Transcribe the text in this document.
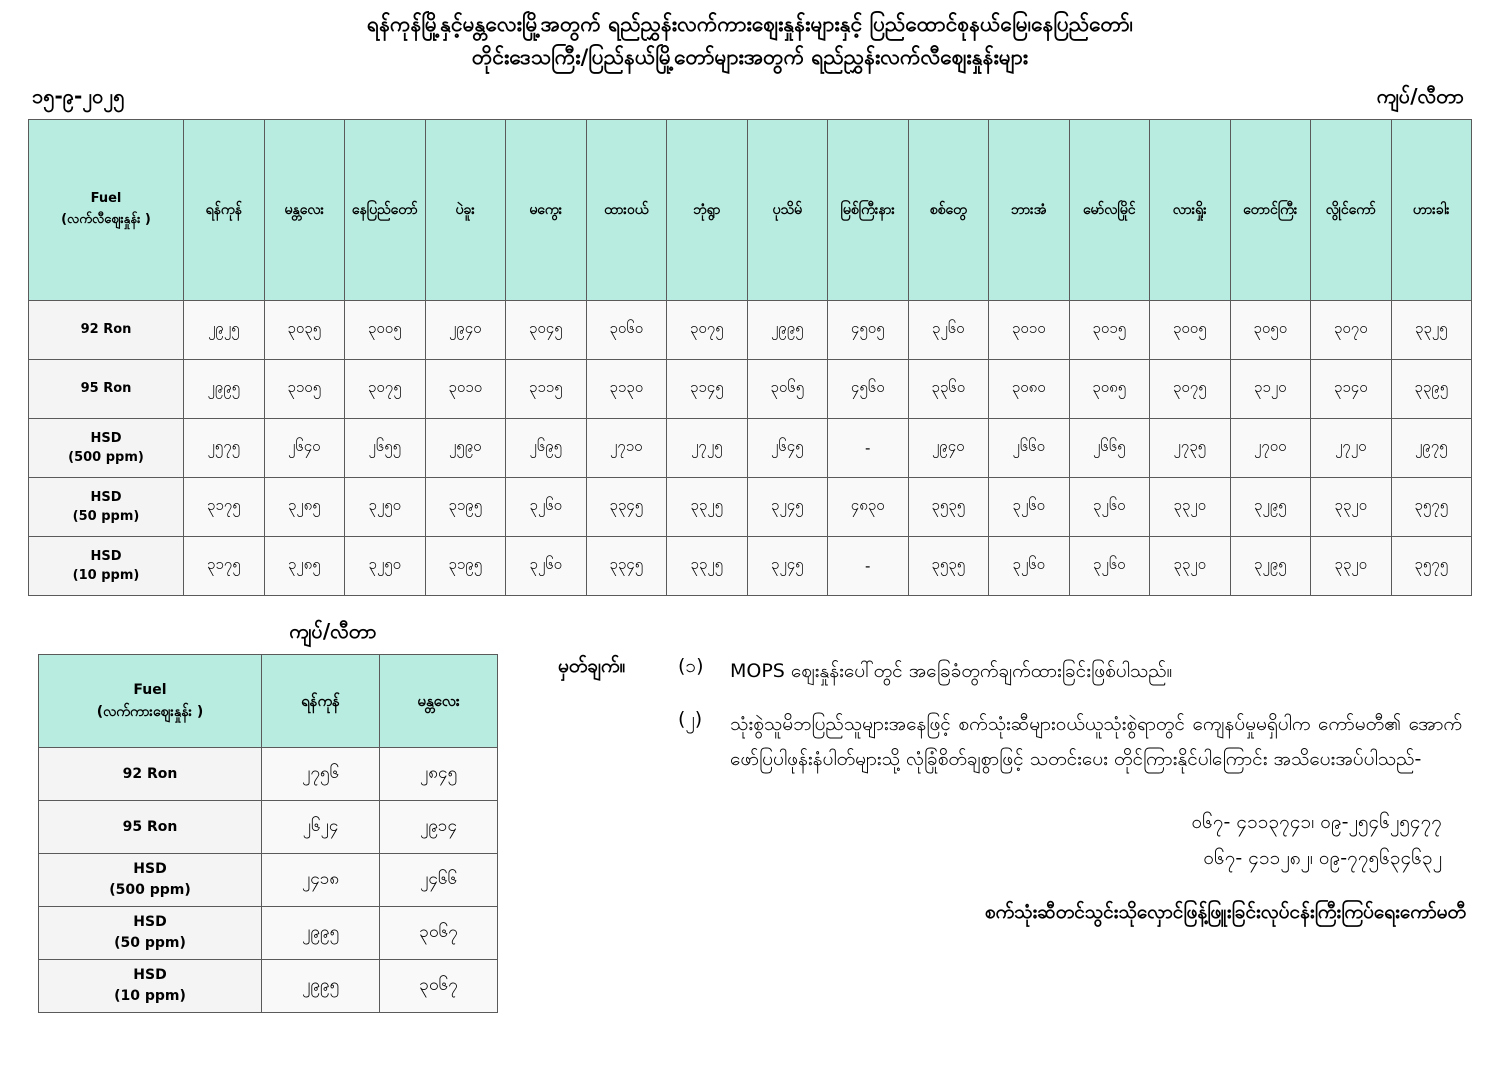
ရန်ကုန်မြို့နှင့်မန္တလေးမြို့အတွက် ရည်ညွှန်းလက်ကားဈေးနှုန်းများနှင့် ပြည်ထောင်စုနယ်မြေ၊နေပြည်တော်၊
တိုင်းဒေသကြီး/ပြည်နယ်မြို့တော်များအတွက် ရည်ညွှန်းလက်လီဈေးနှုန်းများ
၁၅-၉-၂၀၂၅	ကျပ်/လီတာ
Fuel
(လက်လီဈေးနှုန်း )	ရန်ကုန်	မန္တလေး	နေပြည်တော်	ပဲခူး	မကွေး	ထားဝယ်	ဘုံရွာ	ပုသိမ်	မြစ်ကြီးနား	စစ်တွေ	ဘားအံ	မော်လမြိုင်	လားရှိုး	တောင်ကြီး	လွိုင်ကော်	ဟားခါး

92 Ron	၂၉၂၅	၃၀၃၅	၃၀၀၅	၂၉၄၀	၃၀၄၅	၃၀၆၀	၃၀၇၅	၂၉၉၅	၄၅၀၅	၃၂၆၀	၃၀၁၀	၃၀၁၅	၃၀၀၅	၃၀၅၀	၃၀၇၀	၃၃၂၅

95 Ron	၂၉၉၅	၃၁၀၅	၃၀၇၅	၃၀၁၀	၃၁၁၅	၃၁၃၀	၃၁၄၅	၃၀၆၅	၄၅၆၀	၃၃၆၀	၃၀၈၀	၃၀၈၅	၃၀၇၅	၃၁၂၀	၃၁၄၀	၃၃၉၅

HSD
(500 ppm)	၂၅၇၅	၂၆၄၀	၂၆၅၅	၂၅၉၀	၂၆၉၅	၂၇၁၀	၂၇၂၅	၂၆၄၅	-	၂၉၄၀	၂၆၆၀	၂၆၆၅	၂၇၃၅	၂၇၀၀	၂၇၂၀	၂၉၇၅

HSD
(50 ppm)	၃၁၇၅	၃၂၈၅	၃၂၅၀	၃၁၉၅	၃၂၆၀	၃၃၄၅	၃၃၂၅	၃၂၄၅	၄၈၃၀	၃၅၃၅	၃၂၆၀	၃၂၆၀	၃၃၂၀	၃၂၉၅	၃၃၂၀	၃၅၇၅

HSD
(10 ppm)	၃၁၇၅	၃၂၈၅	၃၂၅၀	၃၁၉၅	၃၂၆၀	၃၃၄၅	၃၃၂၅	၃၂၄၅	-	၃၅၃၅	၃၂၆၀	၃၂၆၀	၃၃၂၀	၃၂၉၅	၃၃၂၀	၃၅၇၅
ကျပ်/လီတာ
Fuel
(လက်ကားဈေးနှုန်း )	ရန်ကုန်	မန္တလေး

92 Ron	၂၇၅၆	၂၈၄၅

95 Ron	၂၆၂၄	၂၉၁၄

HSD
(500 ppm)	၂၄၁၈	၂၄၆၆

HSD
(50 ppm)	၂၉၉၅	၃၀၆၇

HSD
(10 ppm)	၂၉၉၅	၃၀၆၇
မှတ်ချက်။	(၁)	MOPS ဈေးနှုန်းပေါ်တွင် အခြေခံတွက်ချက်ထားခြင်းဖြစ်ပါသည်။
(၂)	သုံးစွဲသူမိဘပြည်သူများအနေဖြင့် စက်သုံးဆီများဝယ်ယူသုံးစွဲရာတွင် ကျေနပ်မှုမရှိပါက ကော်မတီ၏ အောက်ဖော်ပြပါဖုန်းနံပါတ်များသို့ လုံခြုံစိတ်ချစွာဖြင့် သတင်းပေး တိုင်ကြားနိုင်ပါကြောင်း အသိပေးအပ်ပါသည်-
၀၆၇- ၄၁၁၃၇၄၁၊ ၀၉-၂၅၄၆၂၅၄၇၇
၀၆၇- ၄၁၁၂၈၂၊ ၀၉-၇၇၅၆၃၄၆၃၂
စက်သုံးဆီတင်သွင်းသိုလှောင်ဖြန့်ဖြူးခြင်းလုပ်ငန်းကြီးကြပ်ရေးကော်မတီ
